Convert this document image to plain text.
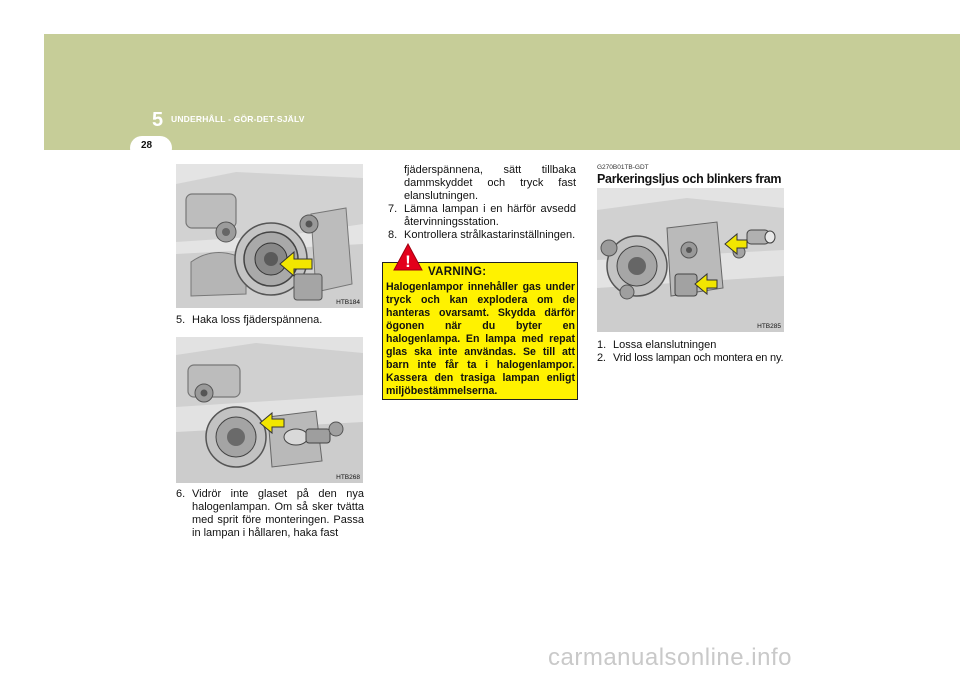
5 UNDERHÅLL - GÖR-DET-SJÄLV
28
HTB184
5. Haka loss fjäderspännena.
HTB268
6. Vidrör inte glaset på den nya halogenlampan. Om så sker tvätta med sprit före monteringen. Passa in lampan i hållaren, haka fast
fjäderspännena, sätt tillbaka
dammskyddet och tryck fast
elanslutningen.
7. Lämna lampan i en härför avsedd återvinningsstation.
8. Kontrollera strålkastarinställningen.
!
VARNING:
Halogenlampor innehåller gas under tryck och kan explodera om de hanteras ovarsamt. Skydda därför ögonen när du byter en halogenlampa. En lampa med repat glas ska inte användas. Se till att barn inte får ta i halogenlampor. Kassera den trasiga lampan enligt miljöbestämmelserna.
G270B01TB-GDT
Parkeringsljus och blinkers fram
HTB285
1. Lossa elanslutningen
2. Vrid loss lampan och montera en ny.
carmanualsonline.info
